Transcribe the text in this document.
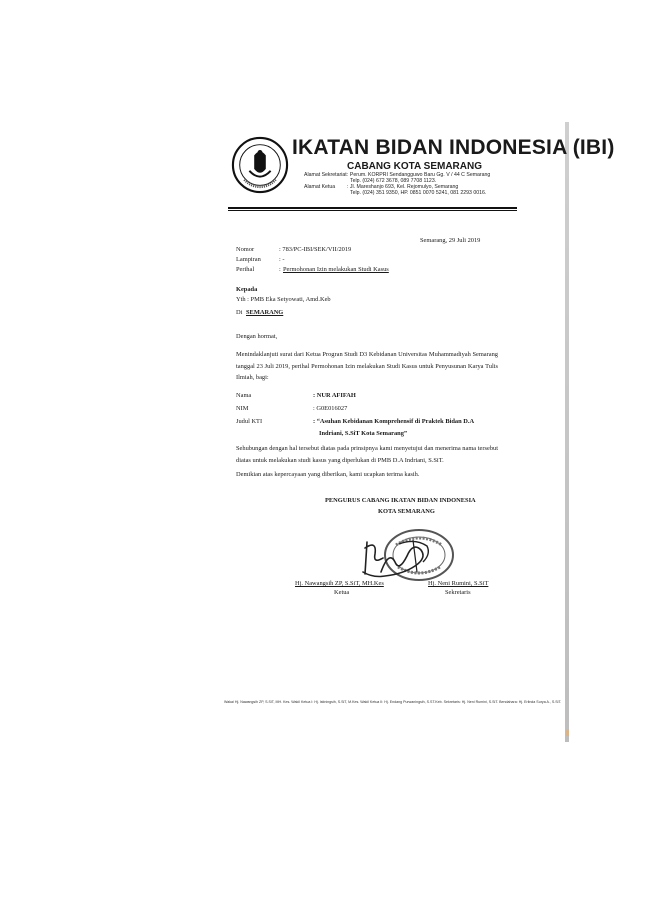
IKATAN BIDAN INDONESIA (IBI)
CABANG KOTA SEMARANG
Alamat Sekretariat : Perum. KORPRI Sendangguwo Baru Gg. V / 44 C Semarang
Telp. (024) 672 3678, 089 7708 1123.
Alamat Ketua : Jl. Mareshanjo 693, Kel. Rejomulyo, Semarang
Telp. (024) 351 9350, HP. 0851 0070 5241, 081 2293 0016.
Semarang, 29 Juli 2019
Nomor	: 783/PC-IBI/SEK/VII/2019
Lampiran	: -
Perihal	: Permohonan Izin melakukan Studi Kasus
Kepada
Yth : PMB Eka Setyowati, Amd.Keb
Di SEMARANG
Dengan hormat,
Menindaklanjuti surat dari Ketua Progran Studi D3 Kebidanan Universitas Muhammadiyah Semarang tanggal 23 Juli 2019, perihal Permohonan Izin melakukan Studi Kasus untuk Penyusunan Karya Tulis Ilmiah, bagi:
Nama	: NUR AFIFAH
NIM	: G0E016027
Judul KTI	: “Asuhan Kebidanan Komprehensif di Praktek Bidan D.A
Indriani, S.SiT Kota Semarang”
Sehubungan dengan hal tersebut diatas pada prinsipnya kami menyetujui dan menerima nama tersebut diatas untuk melakukan studi kasus yang diperlukan di PMB D.A Indriani, S.SiT.
Demikian atas kepercayaan yang diberikan, kami ucapkan terima kasih.
PENGURUS CABANG IKATAN BIDAN INDONESIA
KOTA SEMARANG
Hj. Nawangsih ZP, S.SiT, MH.Kes
Ketua
Hj. Neni Rumini, S.SiT
Sekretaris
Wakai Hj. Nawangsih ZP, S.SiT, MH. Kes. Wakil Ketua I: Hj. Istiningsih, S.SiT, M.Kes. Wakil Ketua II: Hj. Endang Purwaningsih, S.ST.Keb. Sekretaris: Hj. Neni Rumini, S.SiT. Bendahara: Hj. Erlinda Surya A., S.SiT.
